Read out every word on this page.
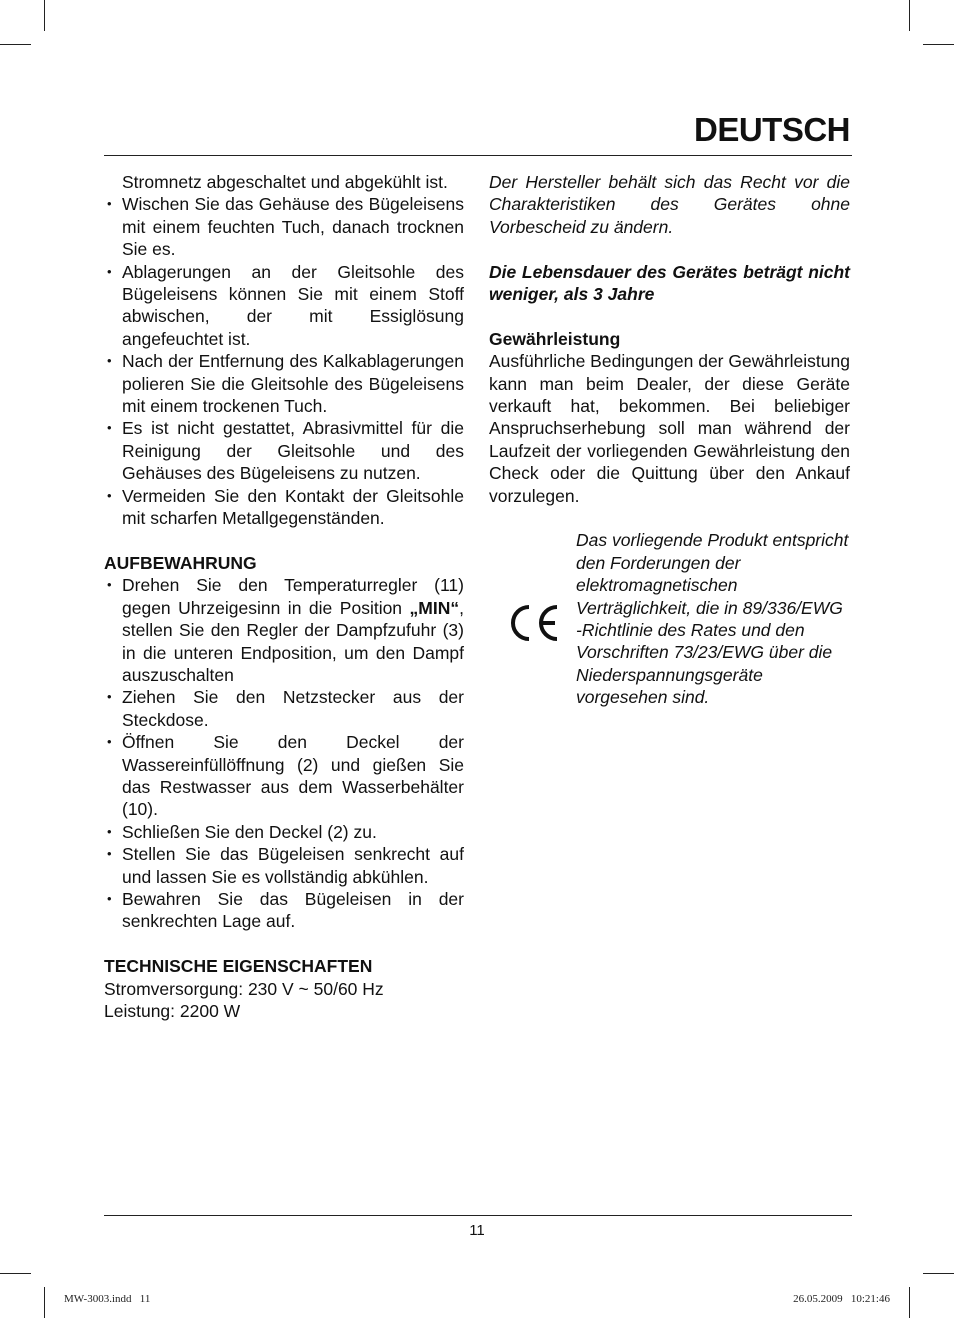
DEUTSCH

Stromnetz abgeschaltet und abgekühlt ist.

• Wischen Sie das Gehäuse des Bügeleisens mit einem feuchten Tuch, danach trocknen Sie es.
• Ablagerungen an der Gleitsohle des Bügeleisens können Sie mit einem Stoff abwischen, der mit Essiglösung angefeuchtet ist.
• Nach der Entfernung des Kalkablagerungen polieren Sie die Gleitsohle des Bügeleisens mit einem trockenen Tuch.
• Es ist nicht gestattet, Abrasivmittel für die Reinigung der Gleitsohle und des Gehäuses des Bügeleisens zu nutzen.
• Vermeiden Sie den Kontakt der Gleitsohle mit scharfen Metallgegenständen.
AUFBEWAHRUNG
• Drehen Sie den Temperaturregler (11) gegen Uhrzeigesinn in die Position „MIN“, stellen Sie den Regler der Dampfzufuhr (3) in die unteren Endposition, um den Dampf auszuschalten
• Ziehen Sie den Netzstecker aus der Steckdose.
• Öffnen Sie den Deckel der Wassereinfüllöffnung (2) und gießen Sie das Restwasser aus dem Wasserbehälter (10).
• Schließen Sie den Deckel (2) zu.
• Stellen Sie das Bügeleisen senkrecht auf und lassen Sie es vollständig abkühlen.
• Bewahren Sie das Bügeleisen in der senkrechten Lage auf.
TECHNISCHE EIGENSCHAFTEN

Stromversorgung: 230 V ~ 50/60 Hz

Leistung: 2200 W

Der Hersteller behält sich das Recht vor die Charakteristiken des Gerätes ohne Vorbescheid zu ändern.

Die Lebensdauer des Gerätes beträgt nicht weniger, als 3 Jahre

Gewährleistung

Ausführliche Bedingungen der Gewährleistung kann man beim Dealer, der diese Geräte verkauft hat, bekommen. Bei beliebiger Anspruchserhebung soll man während der Laufzeit der vorliegenden Gewährleistung den Check oder die Quittung über den Ankauf vorzulegen.

Das vorliegende Produkt entspricht den Forderungen der elektromagnetischen Verträglichkeit, die in 89/336/EWG -Richtlinie des Rates und den Vorschriften 73/23/EWG über die Niederspannungsgeräte vorgesehen sind.

11
MW-3003.indd   11	26.05.2009   10:21:46
